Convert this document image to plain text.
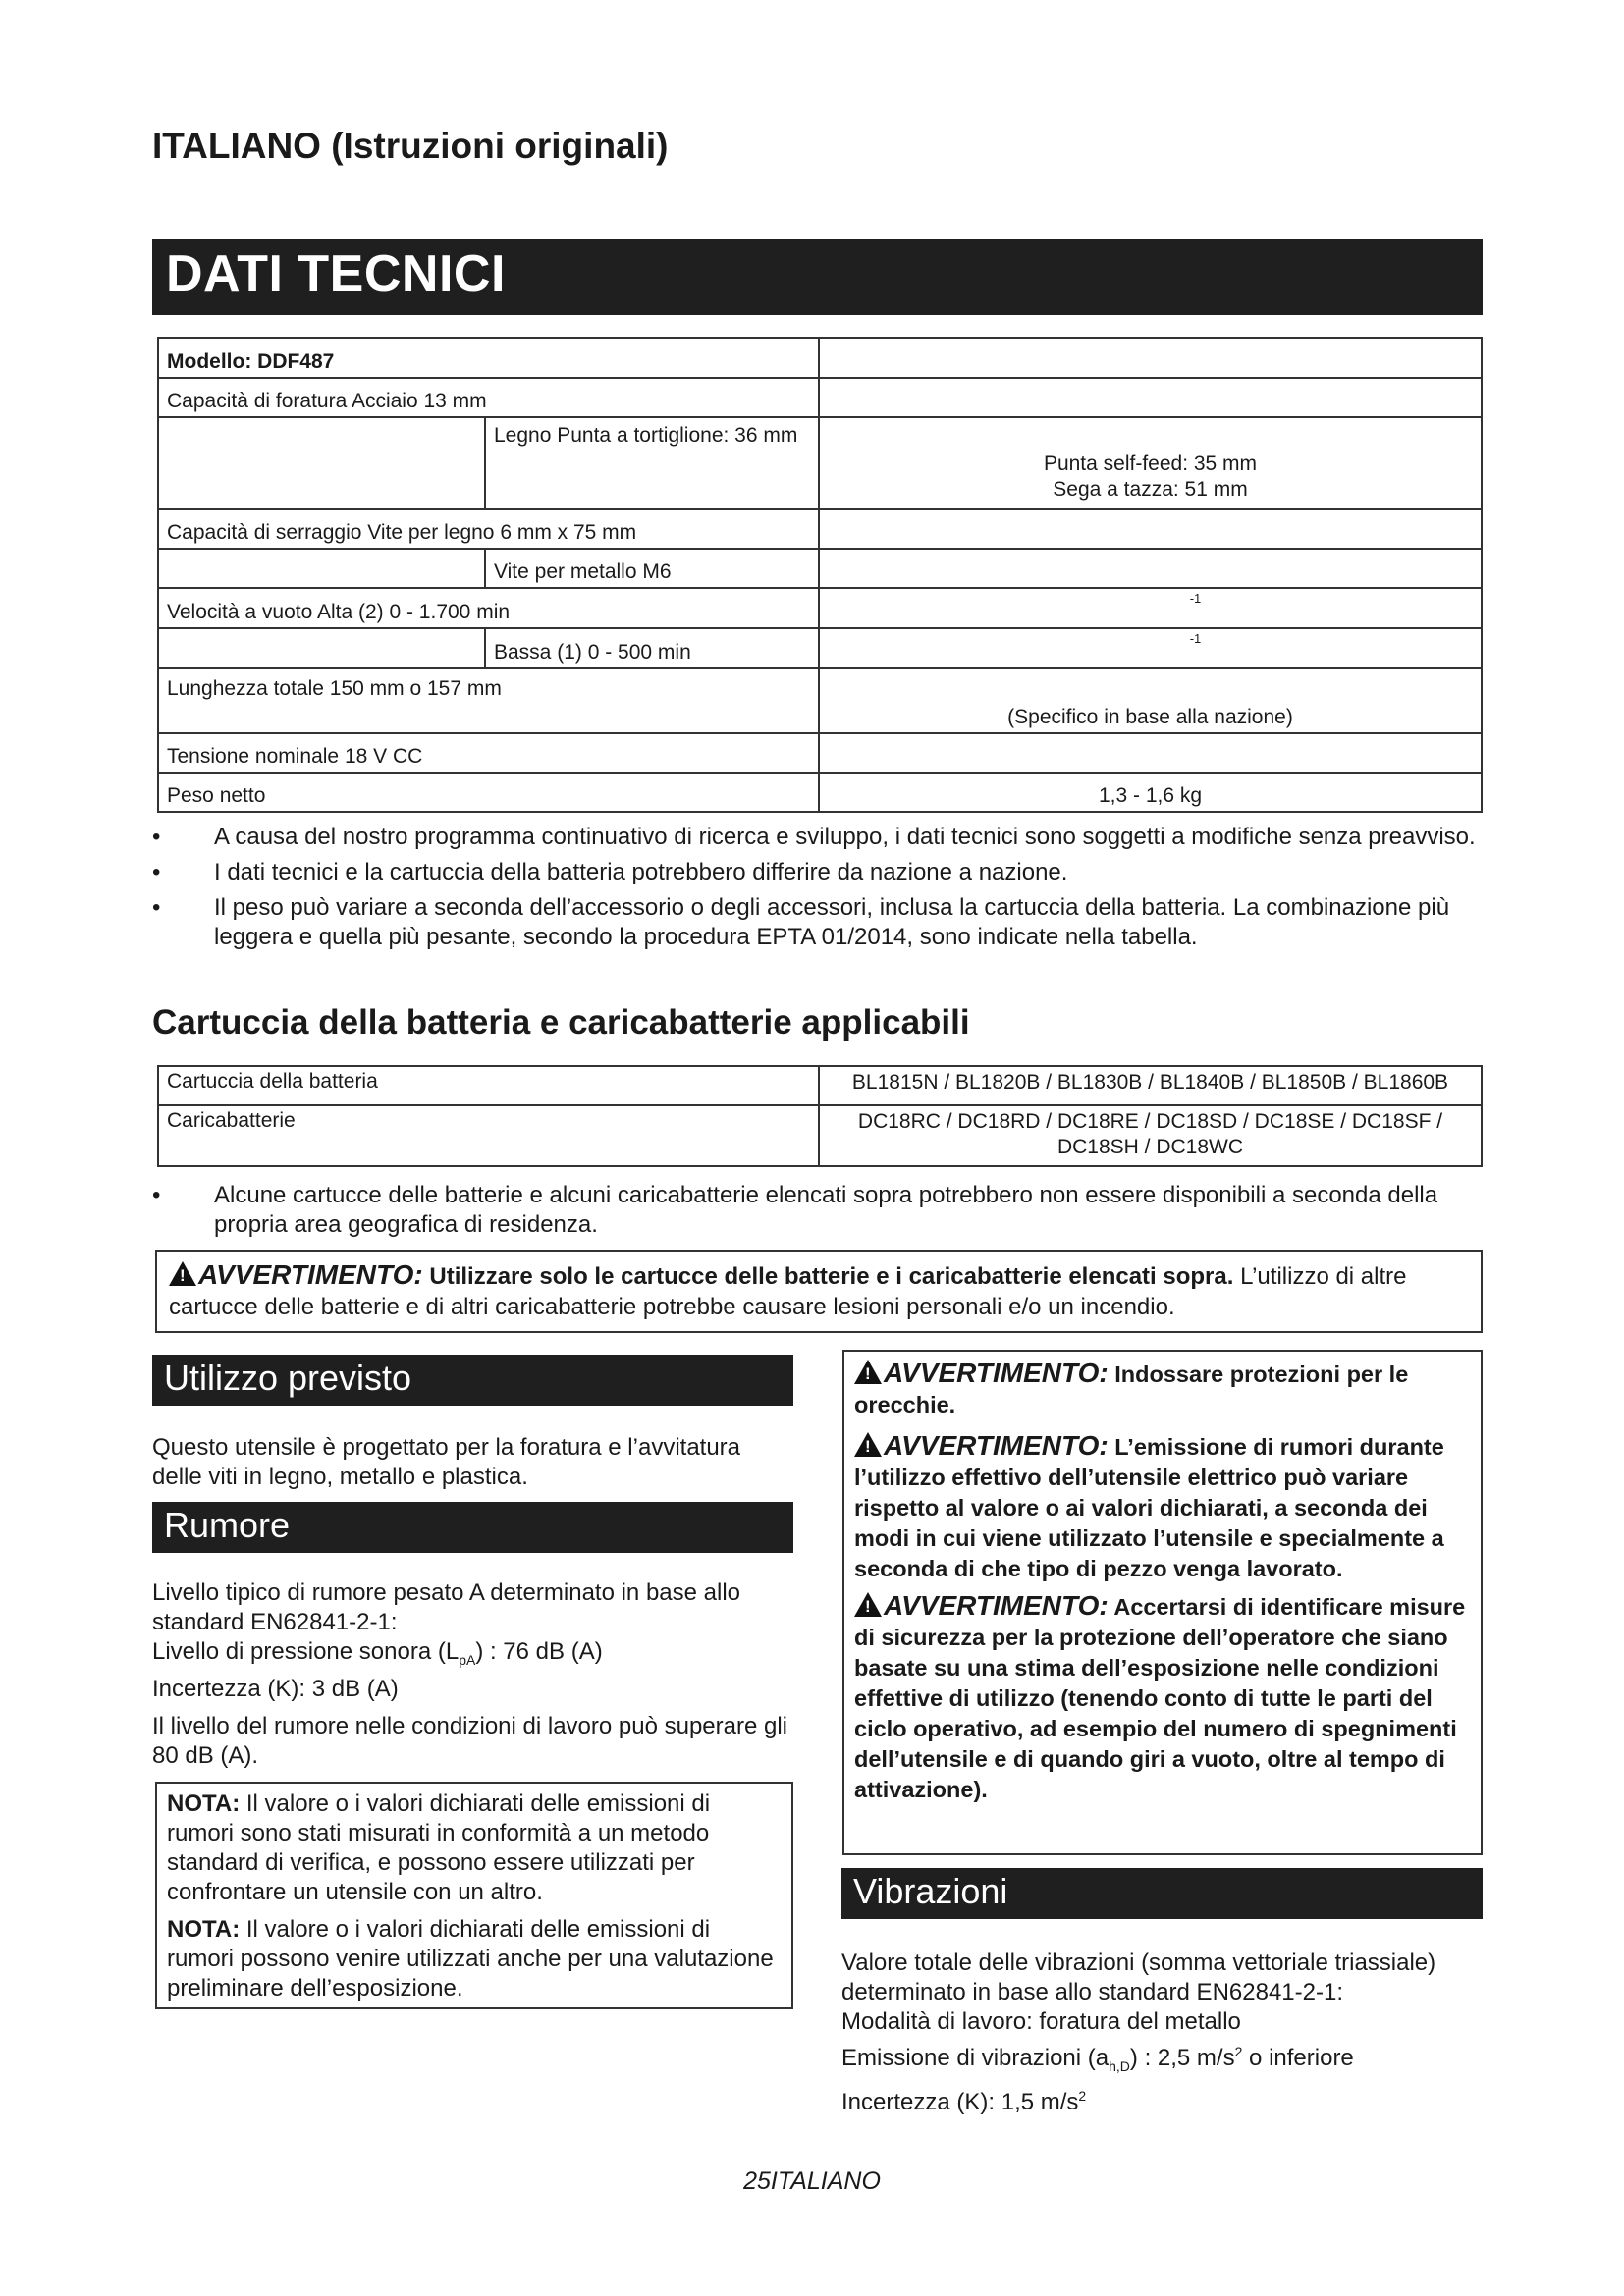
ITALIANO (Istruzioni originali)
DATI TECNICI
Modello: DDF487		
Capacità di foratura Acciaio 13 mm		
	Legno Punta a tortiglione: 36 mm	Punta self-feed: 35 mm
Sega a tazza: 51 mm

Capacità di serraggio Vite per legno 6 mm x 75 mm		
	Vite per metallo M6	
Velocità a vuoto Alta (2) 0 - 1.700 min		$^{-1}$
	Bassa (1) 0 - 500 min	$^{-1}$
Lunghezza totale 150 mm o 157 mm		(Specifico in base alla nazione)
Tensione nominale 18 V CC		
Peso netto		1,3 - 1,6 kg
• A causa del nostro programma continuativo di ricerca e sviluppo, i dati tecnici sono soggetti a modifiche senza preavviso.
• I dati tecnici e la cartuccia della batteria potrebbero differire da nazione a nazione.
• Il peso può variare a seconda dell’accessorio o degli accessori, inclusa la cartuccia della batteria. La combinazione più leggera e quella più pesante, secondo la procedura EPTA 01/2014, sono indicate nella tabella.
Cartuccia della batteria e caricabatterie applicabili
Cartuccia della batteria	BL1815N / BL1820B / BL1830B / BL1840B / BL1850B / BL1860B
Caricabatterie	DC18RC / DC18RD / DC18RE / DC18SD / DC18SE / DC18SF /
DC18SH / DC18WC
• Alcune cartucce delle batterie e alcuni caricabatterie elencati sopra potrebbero non essere disponibili a seconda della propria area geografica di residenza.
!AVVERTIMENTO: Utilizzare solo le cartucce delle batterie e i caricabatterie elencati sopra. L’utilizzo di altre cartucce delle batterie e di altri caricabatterie potrebbe causare lesioni personali e/o un incendio.
Utilizzo previsto
Questo utensile è progettato per la foratura e l’avvitatura delle viti in legno, metallo e plastica.
Rumore

Livello tipico di rumore pesato A determinato in base allo standard EN62841-2-1:
Livello di pressione sonora $(L_{pA})$ : 76 dB (A)
Incertezza (K): 3 dB (A)

Il livello del rumore nelle condizioni di lavoro può superare gli 80 dB (A).

NOTA: Il valore o i valori dichiarati delle emissioni di rumori sono stati misurati in conformità a un metodo standard di verifica, e possono essere utilizzati per confrontare un utensile con un altro.

NOTA: Il valore o i valori dichiarati delle emissioni di rumori possono venire utilizzati anche per una valutazione preliminare dell’esposizione.

!AVVERTIMENTO: Indossare protezioni per le orecchie.

!AVVERTIMENTO: L’emissione di rumori durante l’utilizzo effettivo dell’utensile elettrico può variare rispetto al valore o ai valori dichiarati, a seconda dei modi in cui viene utilizzato l’utensile e specialmente a seconda di che tipo di pezzo venga lavorato.

!AVVERTIMENTO: Accertarsi di identificare misure di sicurezza per la protezione dell’operatore che siano basate su una stima dell’esposizione nelle condizioni effettive di utilizzo (tenendo conto di tutte le parti del ciclo operativo, ad esempio del numero di spegnimenti dell’utensile e di quando giri a vuoto, oltre al tempo di attivazione).

Vibrazioni
Valore totale delle vibrazioni (somma vettoriale triassiale) determinato in base allo standard EN62841-2-1:
Modalità di lavoro: foratura del metallo
Emissione di vibrazioni $(a_{h,D})$ : 2,5 $m/s^2$ o inferiore
Incertezza (K): 1,5 $m/s^2$
25ITALIANO
